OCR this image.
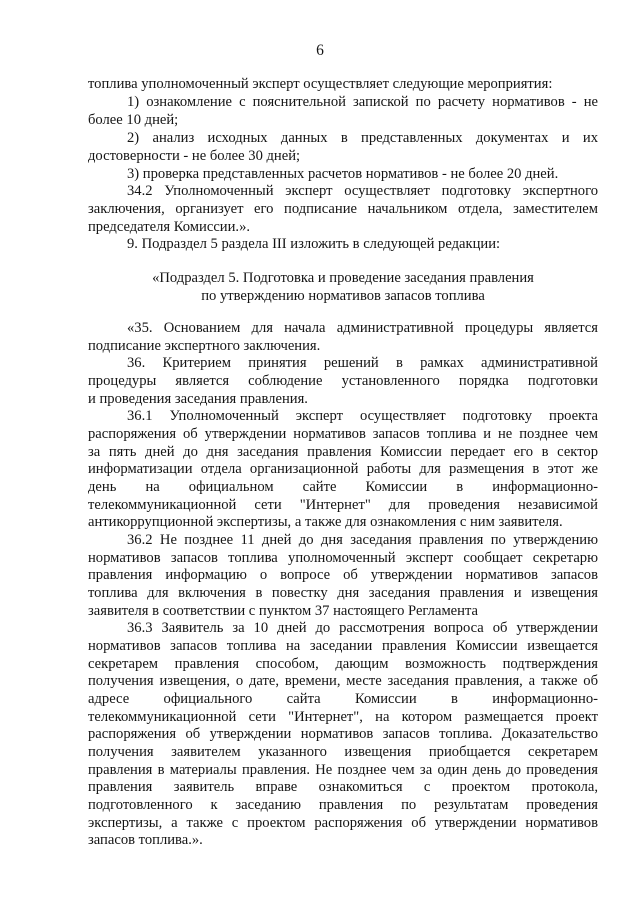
6
топлива уполномоченный эксперт осуществляет следующие мероприятия:
1) ознакомление с пояснительной запиской по расчету нормативов - не
более 10 дней;
2) анализ исходных данных в представленных документах и их
достоверности - не более 30 дней;
3) проверка представленных расчетов нормативов - не более 20 дней.
34.2 Уполномоченный эксперт осуществляет подготовку экспертного
заключения, организует его подписание начальником отдела, заместителем
председателя Комиссии.».
9. Подраздел 5 раздела III изложить в следующей редакции:
«Подраздел 5. Подготовка и проведение заседания правления
по утверждению нормативов запасов топлива
«35. Основанием для начала административной процедуры является
подписание экспертного заключения.
36. Критерием принятия решений в рамках административной
процедуры является соблюдение установленного порядка подготовки
и проведения заседания правления.
36.1 Уполномоченный эксперт осуществляет подготовку проекта
распоряжения об утверждении нормативов запасов топлива и не позднее чем
за пять дней до дня заседания правления Комиссии передает его в сектор
информатизации отдела организационной работы для размещения в этот же
день на официальном сайте Комиссии в информационно-
телекоммуникационной сети "Интернет" для проведения независимой
антикоррупционной экспертизы, а также для ознакомления с ним заявителя.
36.2 Не позднее 11 дней до дня заседания правления по утверждению
нормативов запасов топлива уполномоченный эксперт сообщает секретарю
правления информацию о вопросе об утверждении нормативов запасов
топлива для включения в повестку дня заседания правления и извещения
заявителя в соответствии с пунктом 37 настоящего Регламента
36.3 Заявитель за 10 дней до рассмотрения вопроса об утверждении
нормативов запасов топлива на заседании правления Комиссии извещается
секретарем правления способом, дающим возможность подтверждения
получения извещения, о дате, времени, месте заседания правления, а также об
адресе официального сайта Комиссии в информационно-
телекоммуникационной сети "Интернет", на котором размещается проект
распоряжения об утверждении нормативов запасов топлива. Доказательство
получения заявителем указанного извещения приобщается секретарем
правления в материалы правления. Не позднее чем за один день до проведения
правления заявитель вправе ознакомиться с проектом протокола,
подготовленного к заседанию правления по результатам проведения
экспертизы, а также с проектом распоряжения об утверждении нормативов
запасов топлива.».
